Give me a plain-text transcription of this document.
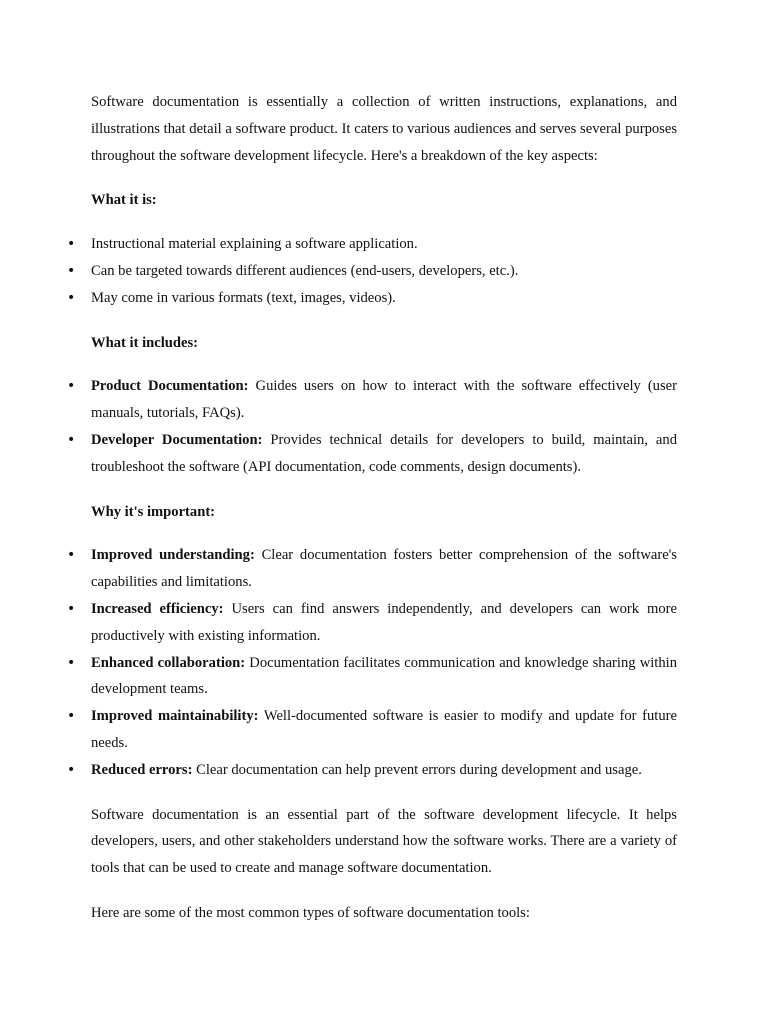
Software documentation is essentially a collection of written instructions, explanations, and illustrations that detail a software product. It caters to various audiences and serves several purposes throughout the software development lifecycle. Here's a breakdown of the key aspects:

What it is:

• Instructional material explaining a software application.
• Can be targeted towards different audiences (end-users, developers, etc.).
• May come in various formats (text, images, videos).

What it includes:

• Product Documentation: Guides users on how to interact with the software effectively (user manuals, tutorials, FAQs).
• Developer Documentation: Provides technical details for developers to build, maintain, and troubleshoot the software (API documentation, code comments, design documents).

Why it's important:

• Improved understanding: Clear documentation fosters better comprehension of the software's capabilities and limitations.
• Increased efficiency: Users can find answers independently, and developers can work more productively with existing information.
• Enhanced collaboration: Documentation facilitates communication and knowledge sharing within development teams.
• Improved maintainability: Well-documented software is easier to modify and update for future needs.
• Reduced errors: Clear documentation can help prevent errors during development and usage.

Software documentation is an essential part of the software development lifecycle. It helps developers, users, and other stakeholders understand how the software works. There are a variety of tools that can be used to create and manage software documentation.

Here are some of the most common types of software documentation tools:
